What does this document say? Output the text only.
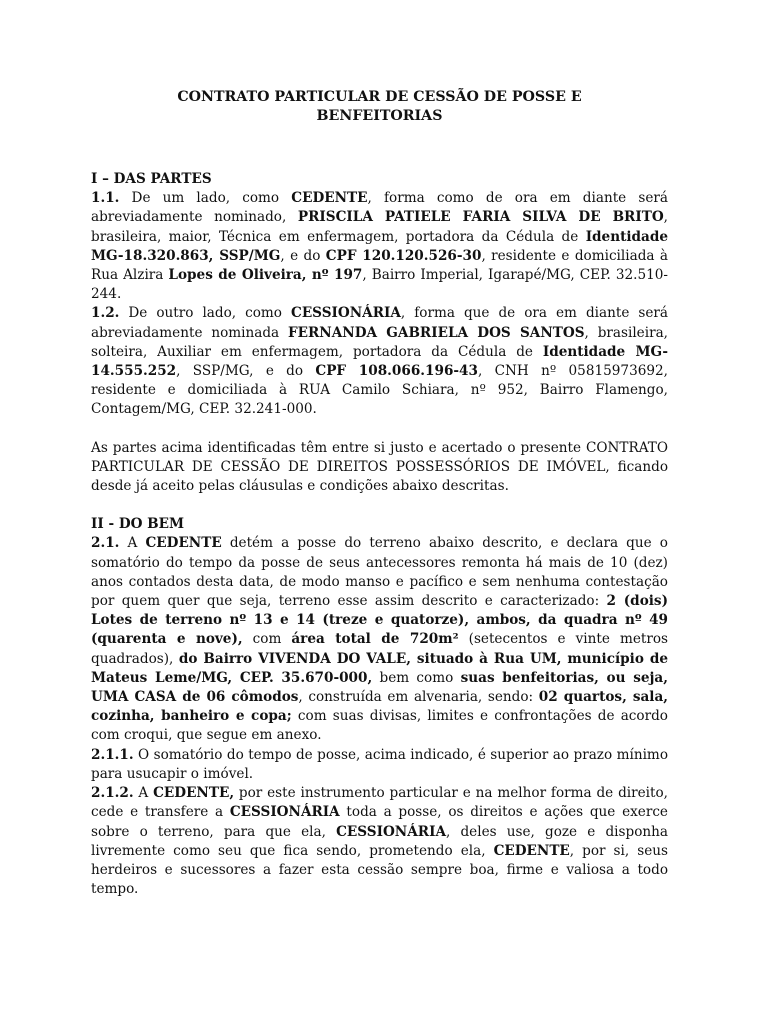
CONTRATO PARTICULAR DE CESSÃO DE POSSE E
BENFEITORIAS
I – DAS PARTES

1.1. De um lado, como CEDENTE, forma como de ora em diante será abreviadamente nominado, PRISCILA PATIELE FARIA SILVA DE BRITO, brasileira, maior, Técnica em enfermagem, portadora da Cédula de Identidade MG-18.320.863, SSP/MG, e do CPF 120.120.526-30, residente e domiciliada à Rua Alzira Lopes de Oliveira, nº 197, Bairro Imperial, Igarapé/MG, CEP. 32.510-244.

1.2. De outro lado, como CESSIONÁRIA, forma que de ora em diante será abreviadamente nominada FERNANDA GABRIELA DOS SANTOS, brasileira, solteira, Auxiliar em enfermagem, portadora da Cédula de Identidade MG-14.555.252, SSP/MG, e do CPF 108.066.196-43, CNH nº 05815973692, residente e domiciliada à RUA Camilo Schiara, nº 952, Bairro Flamengo, Contagem/MG, CEP. 32.241-000.

As partes acima identificadas têm entre si justo e acertado o presente CONTRATO PARTICULAR DE CESSÃO DE DIREITOS POSSESSÓRIOS DE IMÓVEL, ficando desde já aceito pelas cláusulas e condições abaixo descritas.

II - DO BEM

2.1. A CEDENTE detém a posse do terreno abaixo descrito, e declara que o somatório do tempo da posse de seus antecessores remonta há mais de 10 (dez) anos contados desta data, de modo manso e pacífico e sem nenhuma contestação por quem quer que seja, terreno esse assim descrito e caracterizado: 2 (dois) Lotes de terreno nº 13 e 14 (treze e quatorze), ambos, da quadra nº 49 (quarenta e nove), com área total de 720m² (setecentos e vinte metros quadrados), do Bairro VIVENDA DO VALE, situado à Rua UM, município de Mateus Leme/MG, CEP. 35.670-000, bem como suas benfeitorias, ou seja, UMA CASA de 06 cômodos, construída em alvenaria, sendo: 02 quartos, sala, cozinha, banheiro e copa; com suas divisas, limites e confrontações de acordo com croqui, que segue em anexo.

2.1.1. O somatório do tempo de posse, acima indicado, é superior ao prazo mínimo para usucapir o imóvel.

2.1.2. A CEDENTE, por este instrumento particular e na melhor forma de direito, cede e transfere a CESSIONÁRIA toda a posse, os direitos e ações que exerce sobre o terreno, para que ela, CESSIONÁRIA, deles use, goze e disponha livremente como seu que fica sendo, prometendo ela, CEDENTE, por si, seus herdeiros e sucessores a fazer esta cessão sempre boa, firme e valiosa a todo tempo.
